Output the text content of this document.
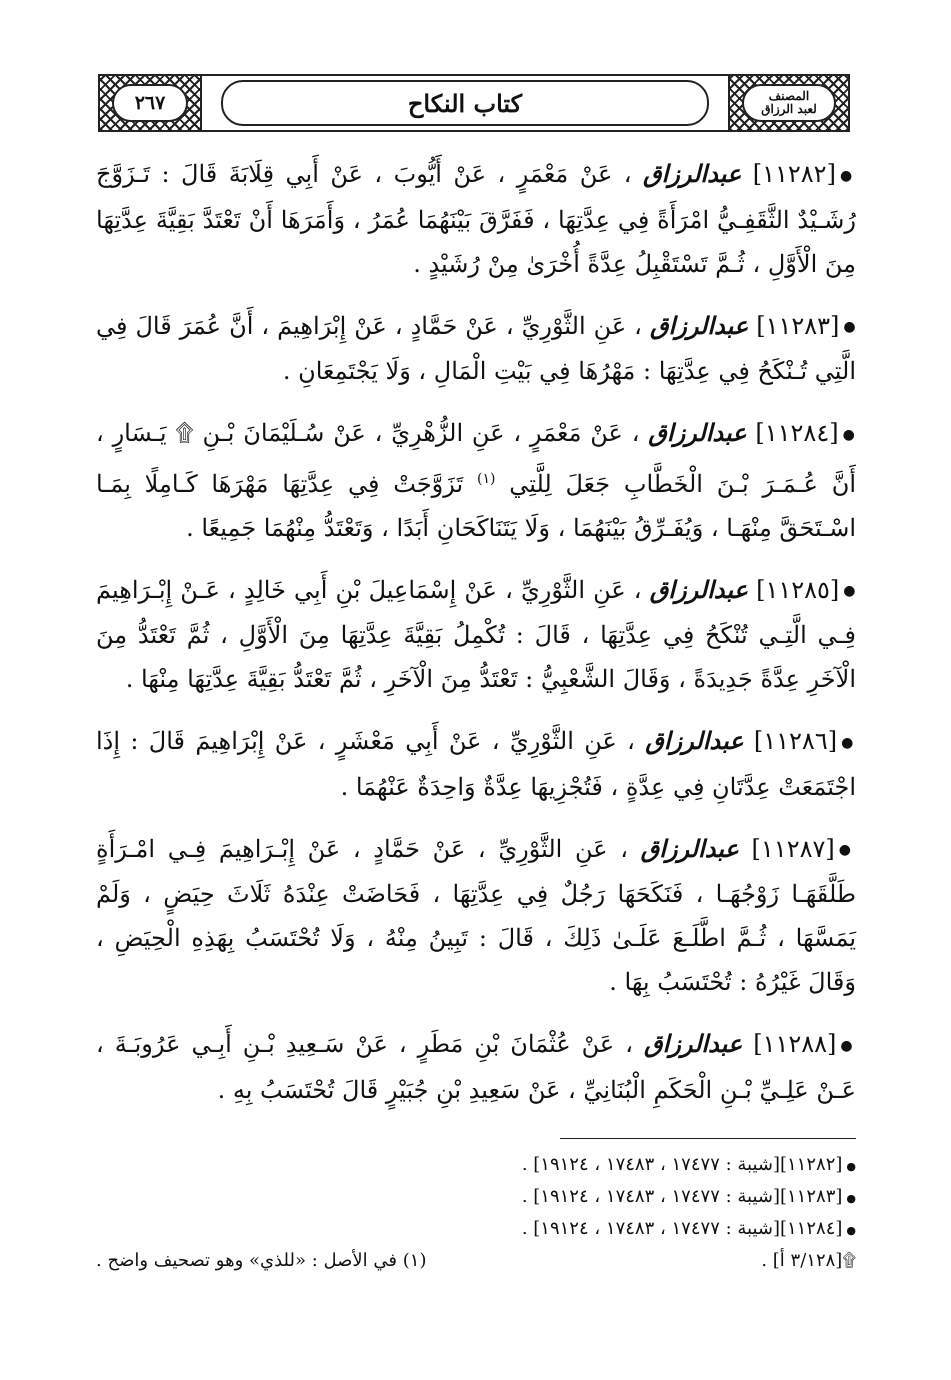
٢٦٧	كتاب النكاح	المصنف
لعبد الرزاق

●[١١٢٨٢] عبدالرزاق ، عَنْ مَعْمَرٍ ، عَنْ أَيُّوبَ ، عَنْ أَبِي قِلَابَةَ قَالَ : تَـزَوَّجَ رُشَـيْدٌ الثَّقَفِـيُّ امْرَأَةً فِي عِدَّتِهَا ، فَفَرَّقَ بَيْنَهُمَا عُمَرُ ، وَأَمَرَهَا أَنْ تَعْتَدَّ بَقِيَّةَ عِدَّتِهَا مِنَ الْأَوَّلِ ، ثُـمَّ تَسْتَقْبِلُ عِدَّةً أُخْرَىٰ مِنْ رُشَيْدٍ .

●[١١٢٨٣] عبدالرزاق ، عَنِ الثَّوْرِيِّ ، عَنْ حَمَّادٍ ، عَنْ إِبْرَاهِيمَ ، أَنَّ عُمَرَ قَالَ فِي الَّتِي تُـنْكَحُ فِي عِدَّتِهَا : مَهْرُهَا فِي بَيْتِ الْمَالِ ، وَلَا يَجْتَمِعَانِ .

●[١١٢٨٤] عبدالرزاق ، عَنْ مَعْمَرٍ ، عَنِ الزُّهْرِيِّ ، عَنْ سُـلَيْمَانَ بْـنِ ۩ يَـسَارٍ ، أَنَّ عُـمَـرَ بْـنَ الْخَطَّابِ جَعَلَ لِلَّتِي $^{(١)}$ تَزَوَّجَتْ فِي عِدَّتِهَا مَهْرَهَا كَـامِلًا بِمَـا اسْـتَحَقَّ مِنْهَـا ، وَيُفَـرِّقُ بَيْنَهُمَا ، وَلَا يَتَنَاكَحَانِ أَبَدًا ، وَتَعْتَدُّ مِنْهُمَا جَمِيعًا .

●[١١٢٨٥] عبدالرزاق ، عَنِ الثَّوْرِيِّ ، عَنْ إِسْمَاعِيلَ بْنِ أَبِي خَالِدٍ ، عَـنْ إِبْـرَاهِيمَ فِـي الَّتِـي تُنْكَحُ فِي عِدَّتِهَا ، قَالَ : تُكْمِلُ بَقِيَّةَ عِدَّتِهَا مِنَ الْأَوَّلِ ، ثُمَّ تَعْتَدُّ مِنَ الْآخَرِ عِدَّةً جَدِيدَةً ، وَقَالَ الشَّعْبِيُّ : تَعْتَدُّ مِنَ الْآخَرِ ، ثُمَّ تَعْتَدُّ بَقِيَّةَ عِدَّتِهَا مِنْهَا .

●[١١٢٨٦] عبدالرزاق ، عَنِ الثَّوْرِيِّ ، عَنْ أَبِي مَعْشَرٍ ، عَنْ إِبْرَاهِيمَ قَالَ : إِذَا اجْتَمَعَتْ عِدَّتَانِ فِي عِدَّةٍ ، فَتُجْزِيهَا عِدَّةٌ وَاحِدَةٌ عَنْهُمَا .

●[١١٢٨٧] عبدالرزاق ، عَنِ الثَّوْرِيِّ ، عَنْ حَمَّادٍ ، عَنْ إِبْـرَاهِيمَ فِـي امْـرَأَةٍ طَلَّقَهَـا زَوْجُهَـا ، فَنَكَحَهَا رَجُلٌ فِي عِدَّتِهَا ، فَحَاضَتْ عِنْدَهُ ثَلَاثَ حِيَضٍ ، وَلَمْ يَمَسَّهَا ، ثُـمَّ اطَّلَـعَ عَلَـىٰ ذَلِكَ ، قَالَ : تَبِينُ مِنْهُ ، وَلَا تُحْتَسَبُ بِهَذِهِ الْحِيَضِ ، وَقَالَ غَيْرُهُ : تُحْتَسَبُ بِهَا .

●[١١٢٨٨] عبدالرزاق ، عَنْ عُثْمَانَ بْنِ مَطَرٍ ، عَنْ سَـعِيدِ بْـنِ أَبِـي عَرُوبَـةَ ، عَـنْ عَلِـيِّ بْـنِ الْحَكَمِ الْبُنَانِيِّ ، عَنْ سَعِيدِ بْنِ جُبَيْرٍ قَالَ تُحْتَسَبُ بِهِ .

●[١١٢٨٢][شيبة : ١٧٤٧٧ ، ١٧٤٨٣ ، ١٩١٢٤] .
●[١١٢٨٣][شيبة : ١٧٤٧٧ ، ١٧٤٨٣ ، ١٩١٢٤] .
●[١١٢٨٤][شيبة : ١٧٤٧٧ ، ١٧٤٨٣ ، ١٩١٢٤] .
۩[٣/١٢٨ أ] .
(١) في الأصل : «للذي» وهو تصحيف واضح .
